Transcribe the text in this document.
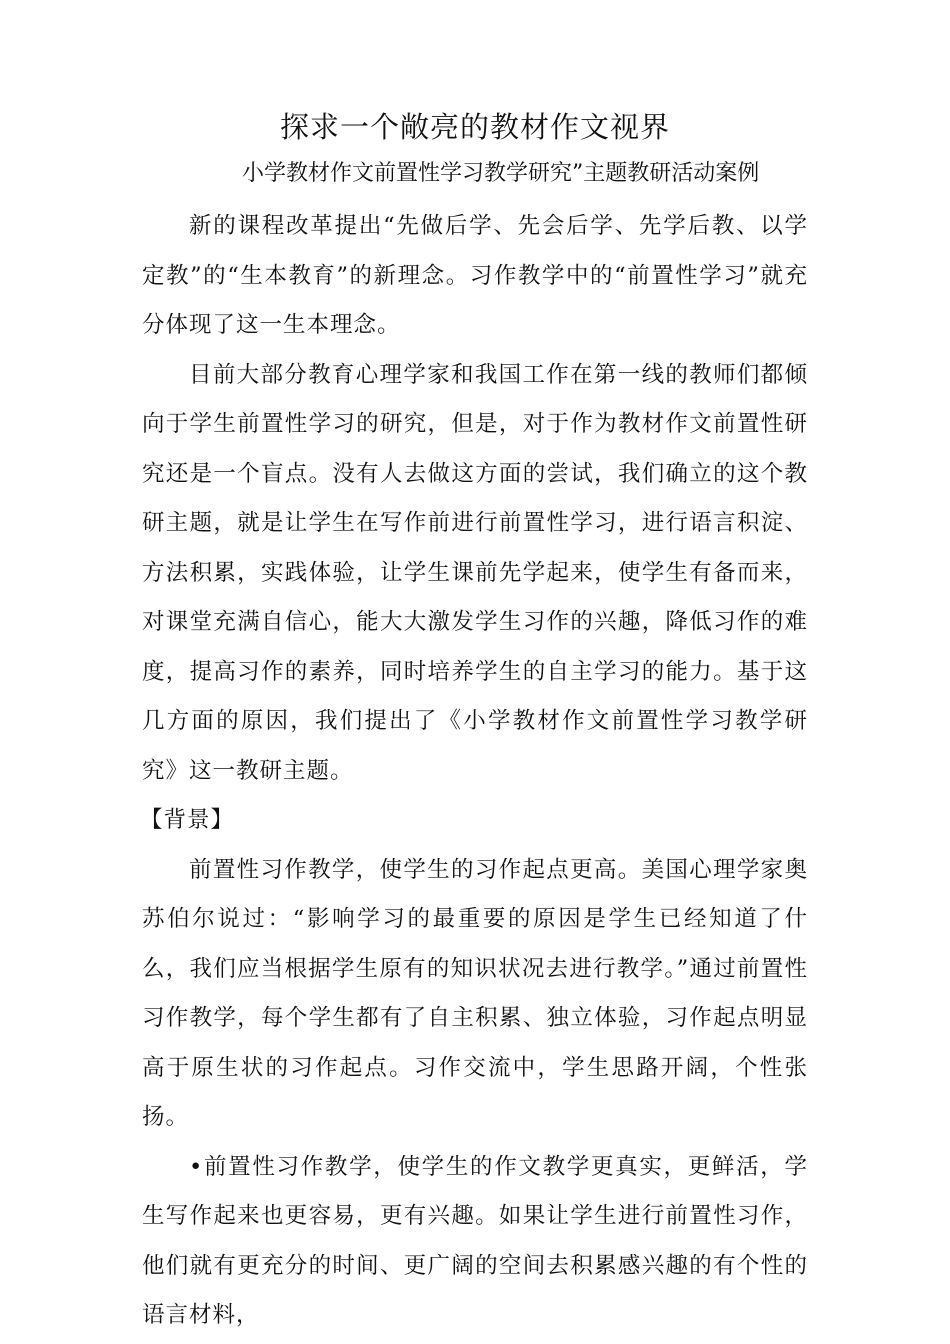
探求一个敞亮的教材作文视界

小学教材作文前置性学习教学研究”主题教研活动案例

新的课程改革提出“先做后学、先会后学、先学后教、以学定教”的“生本教育”的新理念。习作教学中的“前置性学习”就充分体现了这一生本理念。

目前大部分教育心理学家和我国工作在第一线的教师们都倾向于学生前置性学习的研究，但是，对于作为教材作文前置性研究还是一个盲点。没有人去做这方面的尝试，我们确立的这个教研主题，就是让学生在写作前进行前置性学习，进行语言积淀、方法积累，实践体验，让学生课前先学起来，使学生有备而来，对课堂充满自信心，能大大激发学生习作的兴趣，降低习作的难度，提高习作的素养，同时培养学生的自主学习的能力。基于这几方面的原因，我们提出了《小学教材作文前置性学习教学研究》这一教研主题。

【背景】

前置性习作教学，使学生的习作起点更高。美国心理学家奥苏伯尔说过：“影响学习的最重要的原因是学生已经知道了什么，我们应当根据学生原有的知识状况去进行教学。”通过前置性习作教学，每个学生都有了自主积累、独立体验，习作起点明显高于原生状的习作起点。习作交流中，学生思路开阔，个性张扬。

•前置性习作教学，使学生的作文教学更真实，更鲜活，学生写作起来也更容易，更有兴趣。如果让学生进行前置性习作，他们就有更充分的时间、更广阔的空间去积累感兴趣的有个性的语言材料，
